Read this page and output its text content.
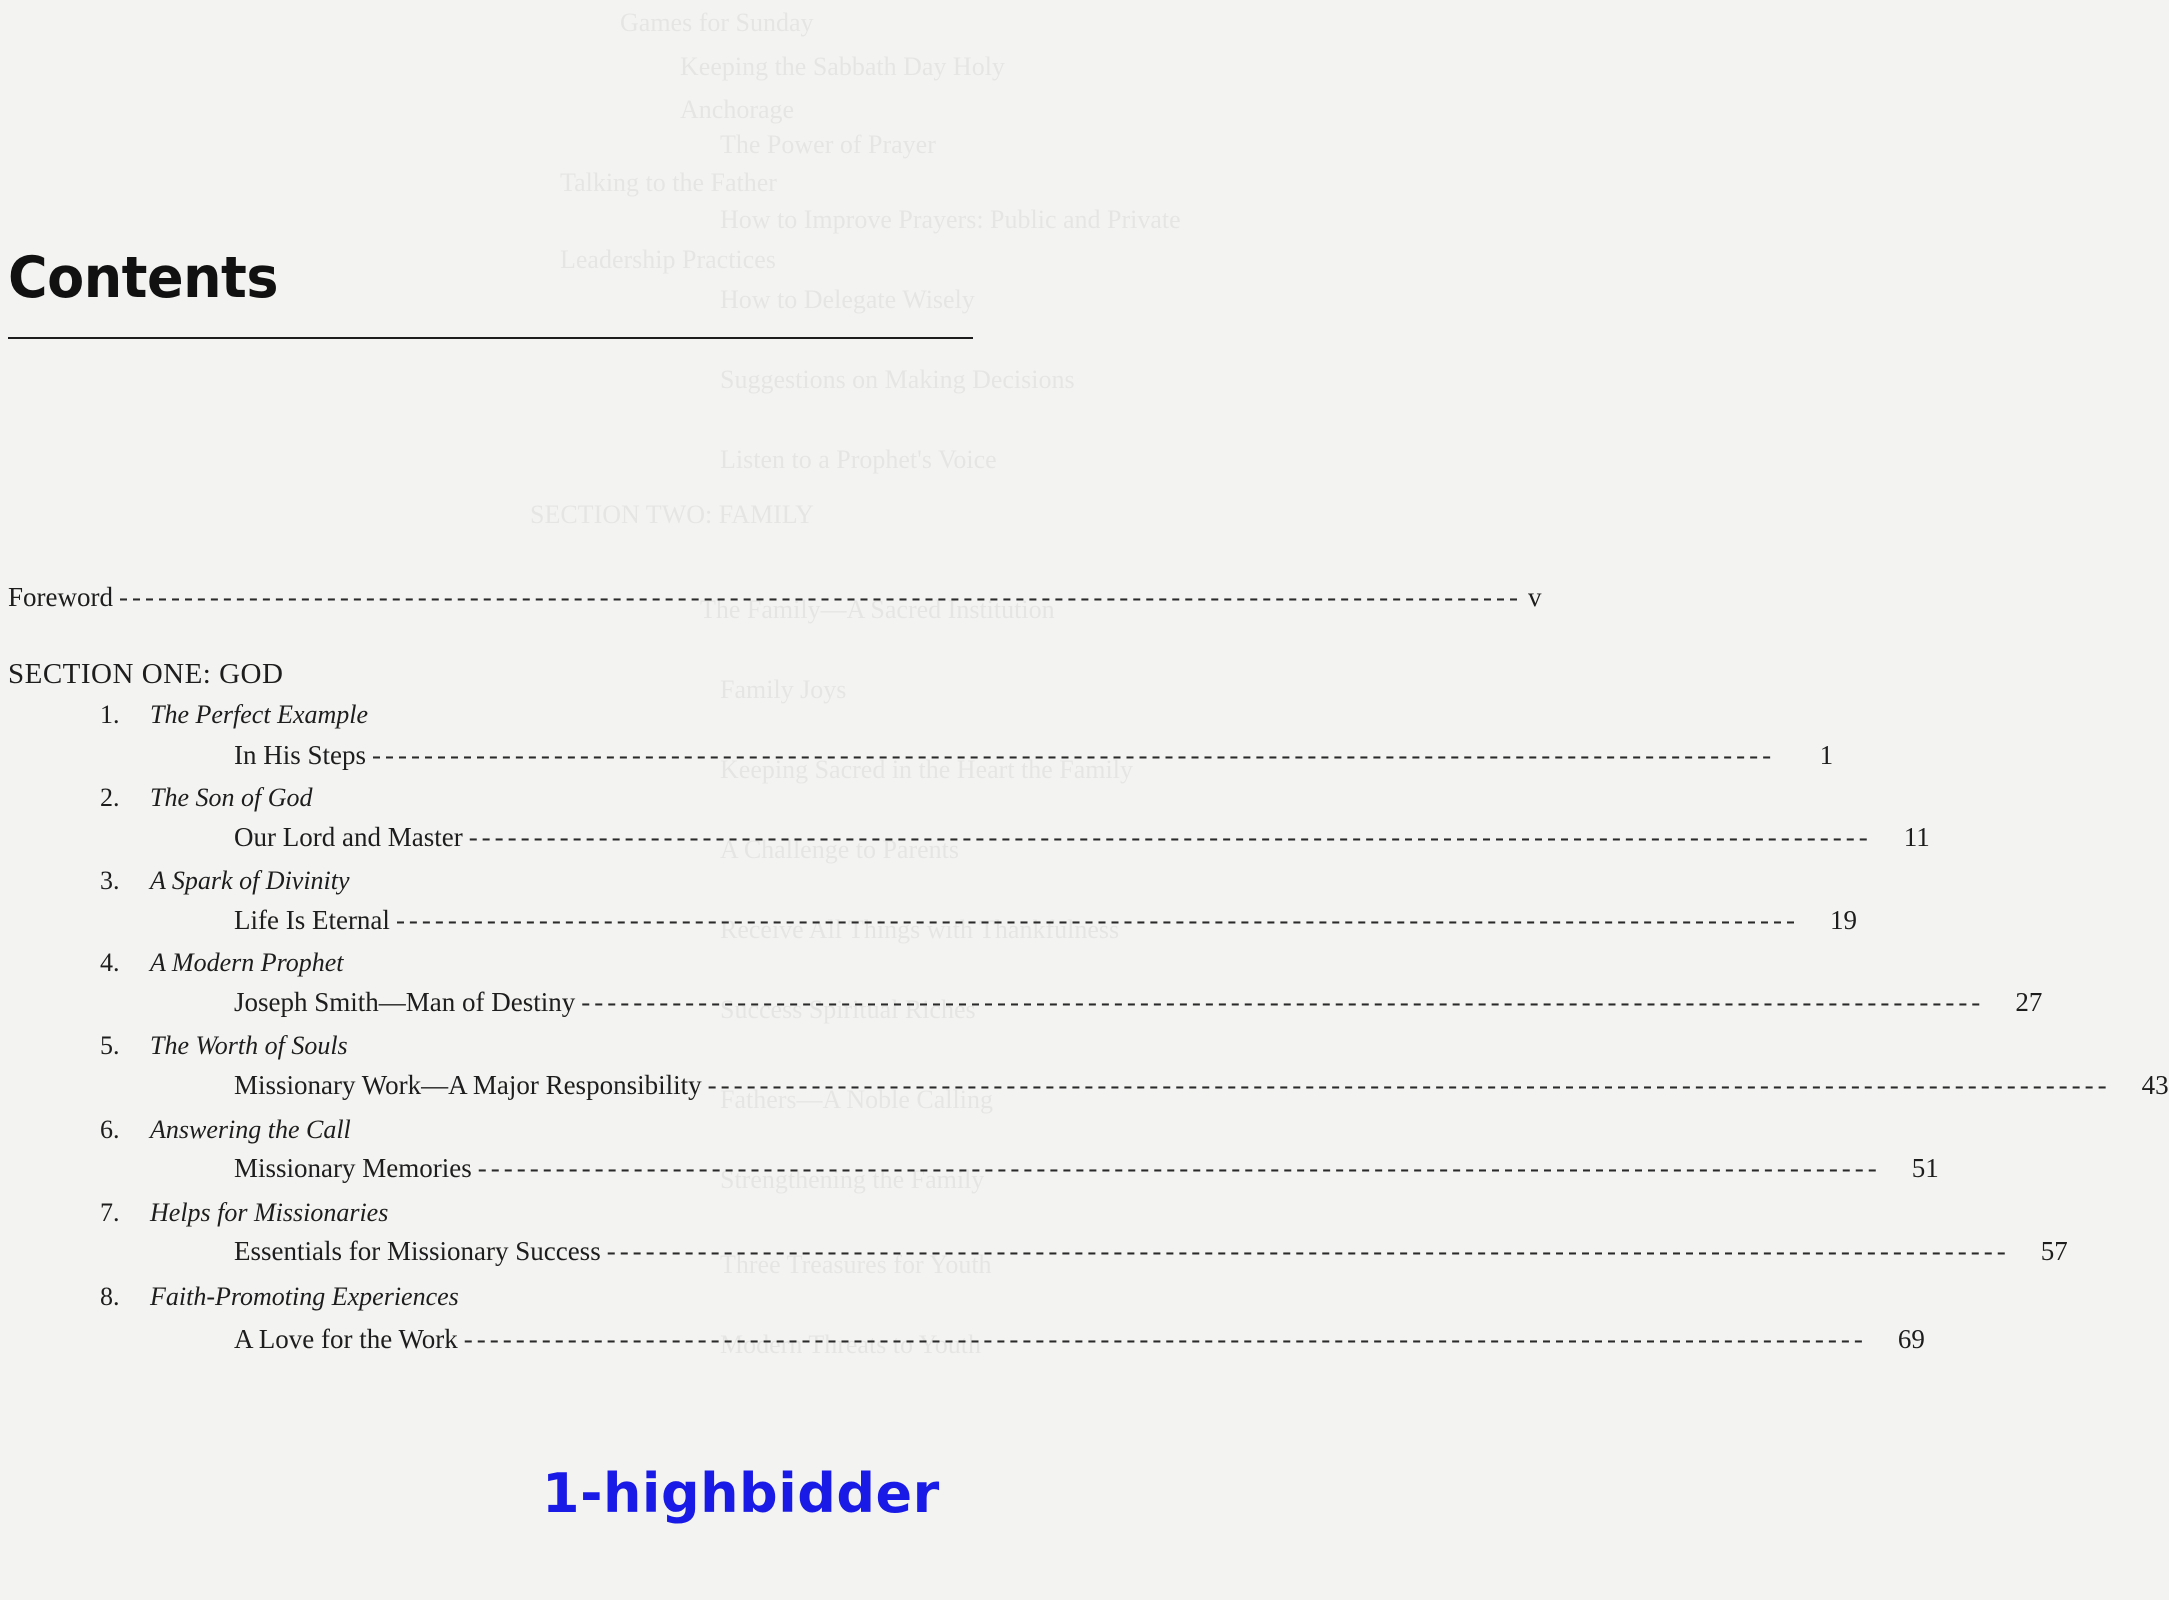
Games for Sunday
Keeping the Sabbath Day Holy
Anchorage
The Power of Prayer
Talking to the Father
How to Improve Prayers: Public and Private
Leadership Practices
How to Delegate Wisely
Suggestions on Making Decisions
Listen to a Prophet's Voice
SECTION TWO: FAMILY
The Family—A Sacred Institution
Family Joys
Keeping Sacred in the Heart the Family
A Challenge to Parents
Receive All Things with Thankfulness
Success Spiritual Riches
Fathers—A Noble Calling
Strengthening the Family
Three Treasures for Youth
Modern Threats to Youth
Contents
Foreword -----	v
SECTION ONE: GOD
1. The Perfect Example
In His Steps -----	1
2. The Son of God
Our Lord and Master -----	11
3. A Spark of Divinity
Life Is Eternal -----	19
4. A Modern Prophet
Joseph Smith—Man of Destiny -----	27
5. The Worth of Souls
Missionary Work—A Major Responsibility -----	43
6. Answering the Call
Missionary Memories -----	51
7. Helps for Missionaries
Essentials for Missionary Success -----	57
8. Faith-Promoting Experiences
A Love for the Work -----	69
1-highbidder
